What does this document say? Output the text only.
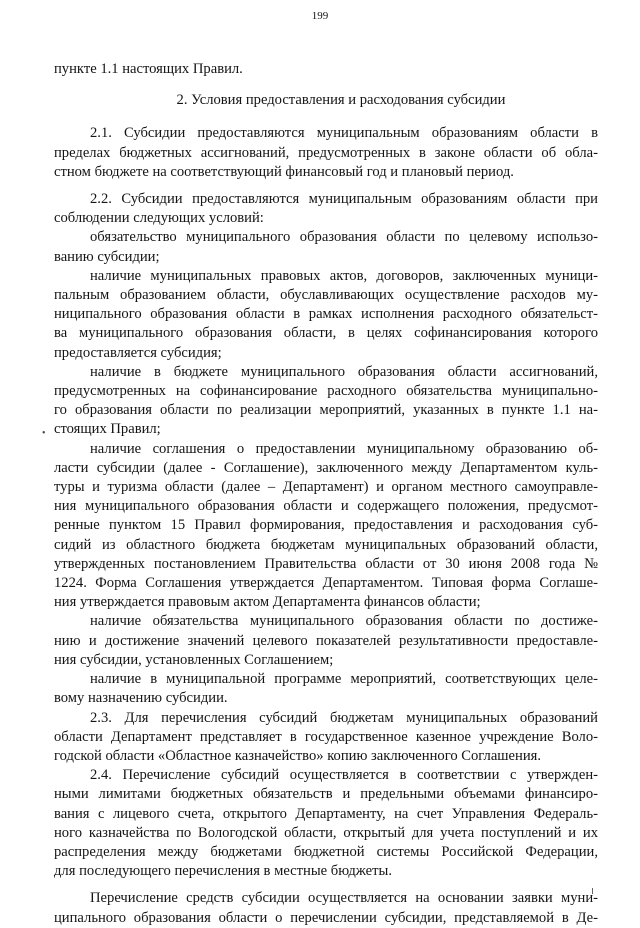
199
•
пункте 1.1 настоящих Правил.
2. Условия предоставления и расходования субсидии
2.1. Субсидии предоставляются муниципальным образованиям области в
пределах бюджетных ассигнований, предусмотренных в законе области об обла-
стном бюджете на соответствующий финансовый год и плановый период.
2.2. Субсидии предоставляются муниципальным образованиям области при
соблюдении следующих условий:
обязательство муниципального образования области по целевому использо-
ванию субсидии;
наличие муниципальных правовых актов, договоров, заключенных муници-
пальным образованием области, обуславливающих осуществление расходов му-
ниципального образования области в рамках исполнения расходного обязательст-
ва муниципального образования области, в целях софинансирования которого
предоставляется субсидия;
наличие в бюджете муниципального образования области ассигнований,
предусмотренных на софинансирование расходного обязательства муниципально-
го образования области по реализации мероприятий, указанных в пункте 1.1 на-
стоящих Правил;
наличие соглашения о предоставлении муниципальному образованию об-
ласти субсидии (далее - Соглашение), заключенного между Департаментом куль-
туры и туризма области (далее – Департамент) и органом местного самоуправле-
ния муниципального образования области и содержащего положения, предусмот-
ренные пунктом 15 Правил формирования, предоставления и расходования суб-
сидий из областного бюджета бюджетам муниципальных образований области,
утвержденных постановлением Правительства области от 30 июня 2008 года №
1224. Форма Соглашения утверждается Департаментом. Типовая форма Соглаше-
ния утверждается правовым актом Департамента финансов области;
наличие обязательства муниципального образования области по достиже-
нию и достижение значений целевого показателей результативности предоставле-
ния субсидии, установленных Соглашением;
наличие в муниципальной программе мероприятий, соответствующих целе-
вому назначению субсидии.
2.3. Для перечисления субсидий бюджетам муниципальных образований
области Департамент представляет в государственное казенное учреждение Воло-
годской области «Областное казначейство» копию заключенного Соглашения.
2.4. Перечисление субсидий осуществляется в соответствии с утвержден-
ными лимитами бюджетных обязательств и предельными объемами финансиро-
вания с лицевого счета, открытого Департаменту, на счет Управления Федераль-
ного казначейства по Вологодской области, открытый для учета поступлений и их
распределения между бюджетами бюджетной системы Российской Федерации,
для последующего перечисления в местные бюджеты.
Перечисление средств субсидии осуществляется на основании заявки муни-
ципального образования области о перечислении субсидии, представляемой в Де-
